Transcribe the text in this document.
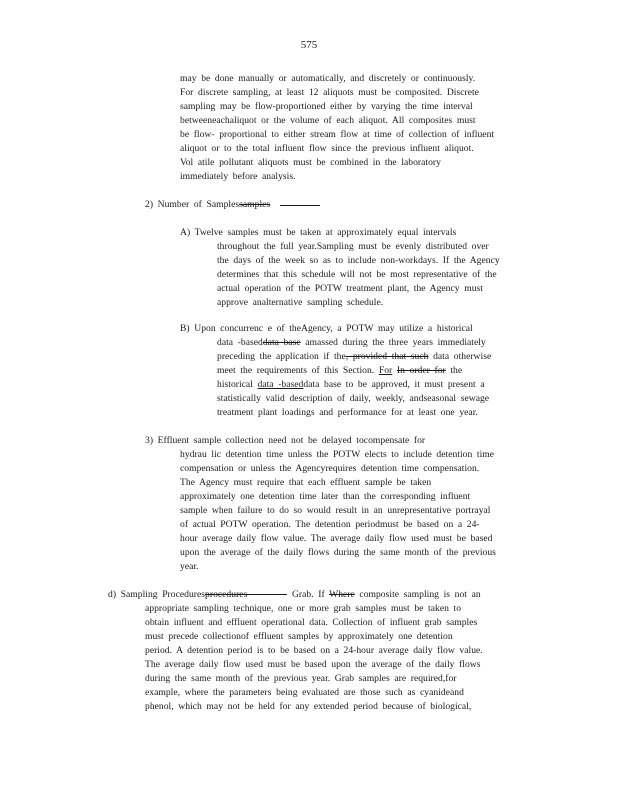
575
may be done manually or automatically, and discretely or continuously.
For discrete sampling, at least 12 aliquots must be composited. Discrete
sampling may be flow-proportioned either by varying the time interval
betweeneachaliquot or the volume of each aliquot. All composites must
be flow- proportional to either stream flow at time of collection of influent
aliquot or to the total influent flow since the previous influent aliquot.
Vol atile pollutant aliquots must be combined in the laboratory
immediately before analysis.
2) Number of Samplessamples
A) Twelve samples must be taken at approximately equal intervals
throughout the full year.Sampling must be evenly distributed over
the days of the week so as to include non-workdays. If the Agency
determines that this schedule will not be most representative of the
actual operation of the POTW treatment plant, the Agency must
approve analternative sampling schedule.
B) Upon concurrenc e of theAgency, a POTW may utilize a historical
data -baseddata base amassed during the three years immediately
preceding the application if the, provided that such data otherwise
meet the requirements of this Section. For In order for the
historical data -baseddata base to be approved, it must present a
statistically valid description of daily, weekly, andseasonal sewage
treatment plant loadings and performance for at least one year.
3) Effluent sample collection need not be delayed tocompensate for
hydrau lic detention time unless the POTW elects to include detention time
compensation or unless the Agencyrequires detention time compensation.
The Agency must require that each effluent sample be taken
approximately one detention time later than the corresponding influent
sample when failure to do so would result in an unrepresentative portrayal
of actual POTW operation. The detention periodmust be based on a 24-
hour average daily flow value. The average daily flow used must be based
upon the average of the daily flows during the same month of the previous
year.
d) Sampling Proceduresprocedures	Grab. If Where composite sampling is not an
appropriate sampling technique, one or more grab samples must be taken to
obtain influent and effluent operational data. Collection of influent grab samples
must precede collectionof effluent samples by approximately one detention
period. A detention period is to be based on a 24-hour average daily flow value.
The average daily flow used must be based upon the average of the daily flows
during the same month of the previous year. Grab samples are required,for
example, where the parameters being evaluated are those such as cyanideand
phenol, which may not be held for any extended period because of biological,
